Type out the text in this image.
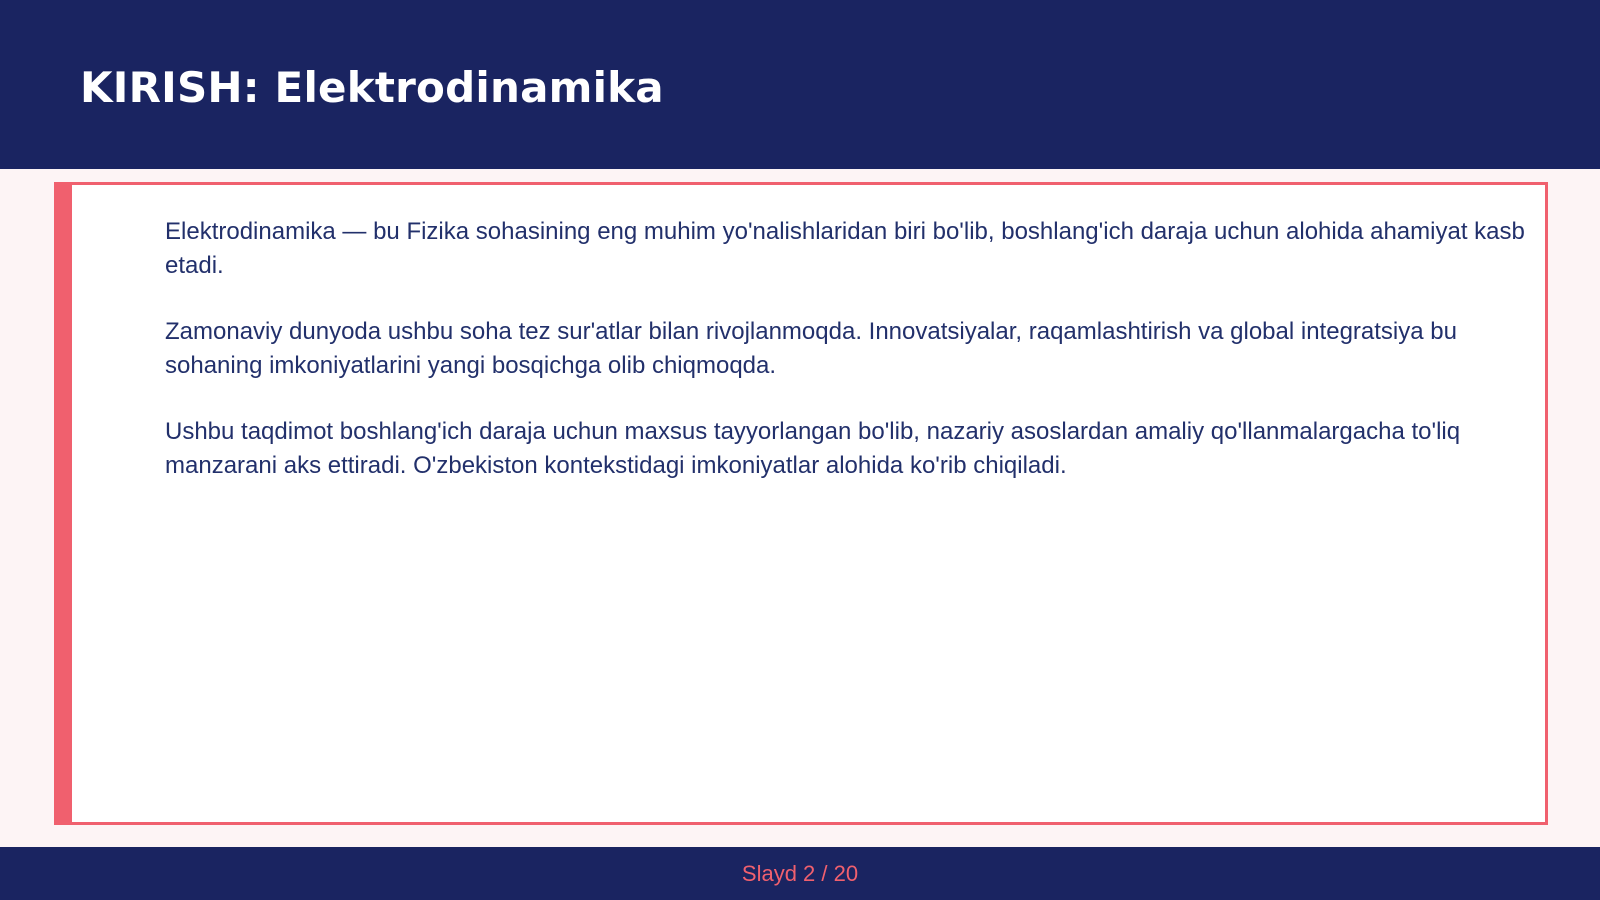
KIRISH: Elektrodinamika

Elektrodinamika — bu Fizika sohasining eng muhim yo'nalishlaridan biri bo'lib, boshlang'ich daraja uchun alohida ahamiyat kasb etadi.

Zamonaviy dunyoda ushbu soha tez sur'atlar bilan rivojlanmoqda. Innovatsiyalar, raqamlashtirish va global integratsiya bu sohaning imkoniyatlarini yangi bosqichga olib chiqmoqda.

Ushbu taqdimot boshlang'ich daraja uchun maxsus tayyorlangan bo'lib, nazariy asoslardan amaliy qo'llanmalargacha to'liq manzarani aks ettiradi. O'zbekiston kontekstidagi imkoniyatlar alohida ko'rib chiqiladi.

Slayd 2 / 20
